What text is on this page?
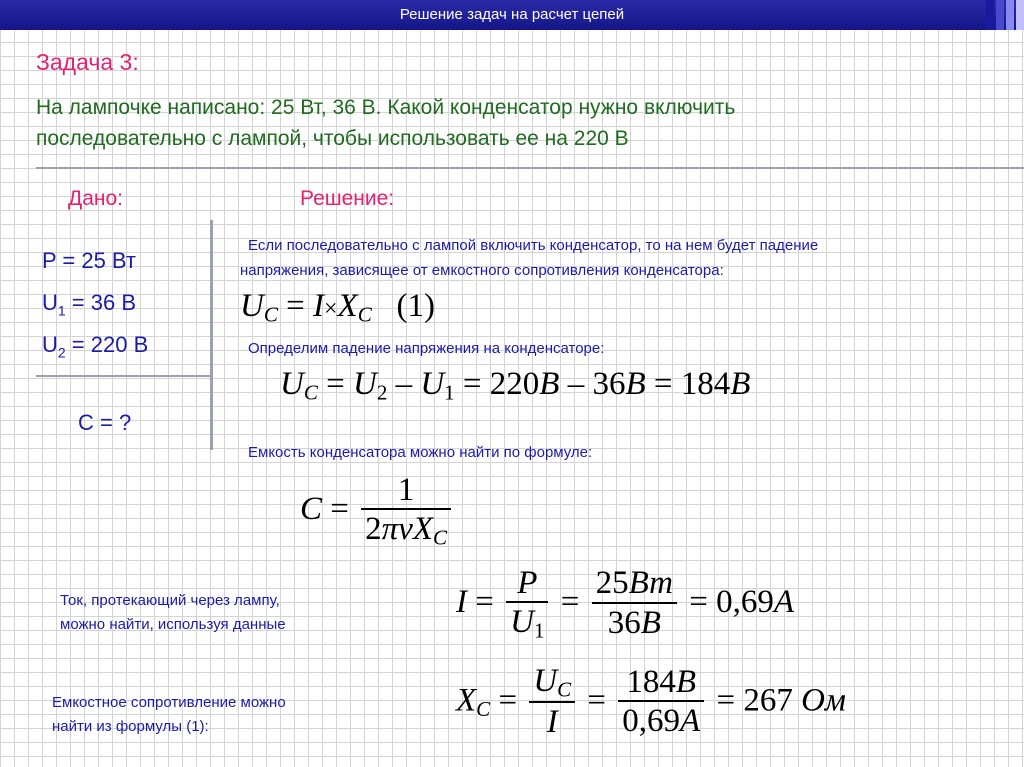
Решение задач на расчет цепей
Задача 3:
На лампочке написано: 25 Вт, 36 В. Какой конденсатор нужно включить
последовательно с лампой, чтобы использовать ее на 220 В
Дано:	Решение:
P = 25 Вт
$U_1 = 36$ В
$U_2 = 220$ В
C = ?
Если последовательно с лампой включить конденсатор, то на нем будет падение
напряжения, зависящее от емкостного сопротивления конденсатора:
$U_C = I\times X_C$ (1)
Определим падение напряжения на конденсаторе:
$U_C = U_2 - U_1 = 220B - 36B = 184B$
Емкость конденсатора можно найти по формуле:
$C = \frac{1}{2\pi\nu X_C}$
Ток, протекающий через лампу,
можно найти, используя данные
$I = \frac{P}{U_1} = \frac{25Вт}{36B} = 0,69A$
Емкостное сопротивление можно
найти из формулы (1):
$X_C = \frac{U_C}{I} = \frac{184B}{0,69A} = 267$ Ом
